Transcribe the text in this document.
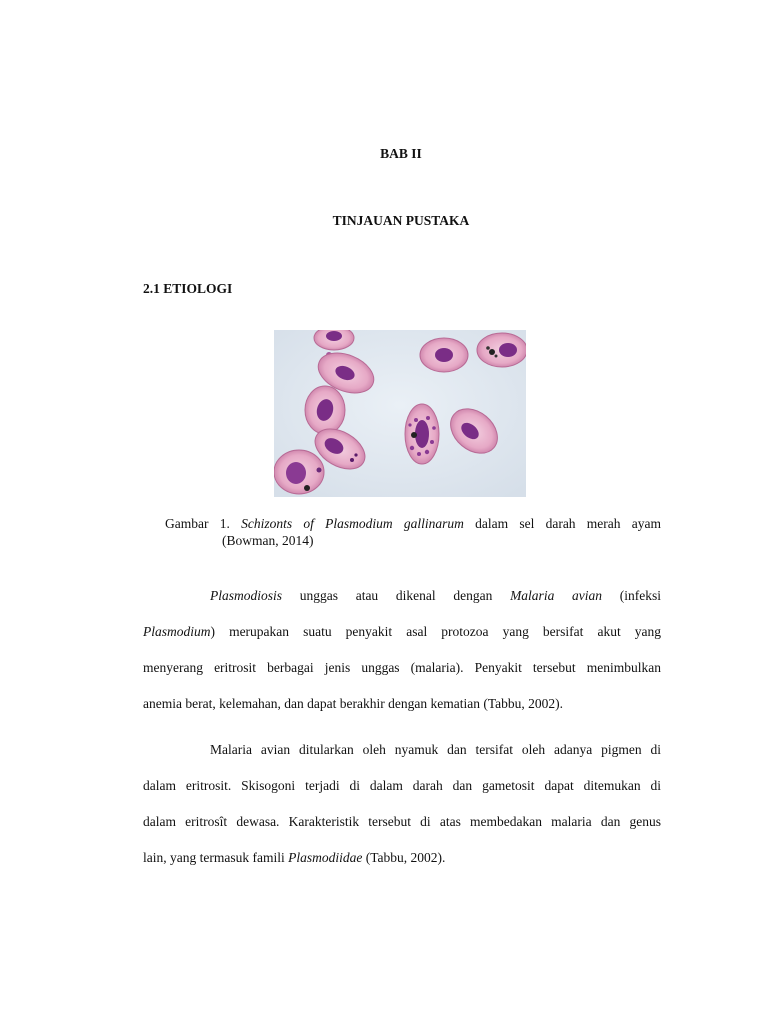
BAB II
TINJAUAN PUSTAKA
2.1 ETIOLOGI
Gambar 1. Schizonts of Plasmodium gallinarum dalam sel darah merah ayam
(Bowman, 2014)
Plasmodiosis unggas atau dikenal dengan Malaria avian (infeksi
Plasmodium) merupakan suatu penyakit asal protozoa yang bersifat akut yang
menyerang eritrosit berbagai jenis unggas (malaria). Penyakit tersebut menimbulkan
anemia berat, kelemahan, dan dapat berakhir dengan kematian (Tabbu, 2002).
Malaria avian ditularkan oleh nyamuk dan tersifat oleh adanya pigmen di
dalam eritrosit. Skisogoni terjadi di dalam darah dan gametosit dapat ditemukan di
dalam eritrosît dewasa. Karakteristik tersebut di atas membedakan malaria dan genus
lain, yang termasuk famili Plasmodiidae (Tabbu, 2002).
